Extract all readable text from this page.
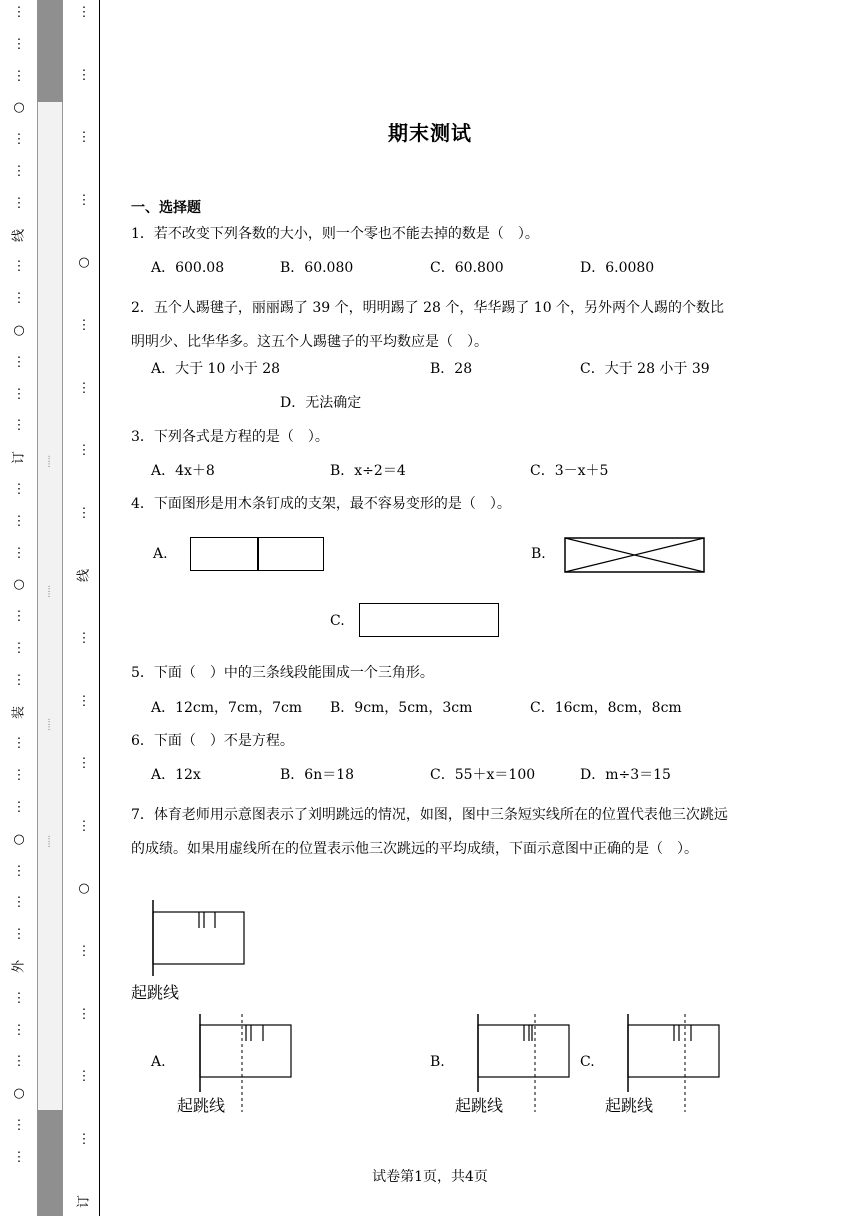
·····
·····
·····
·····
⋮
⋮
⋮
○
⋮
⋮
⋮
线
⋮
⋮
○
⋮
⋮
⋮
订
⋮
⋮
⋮
○
⋮
⋮
⋮
装
⋮
⋮
⋮
○
⋮
⋮
⋮
外
⋮
⋮
⋮
○
⋮
⋮
⋮
⋮
⋮
⋮
○
⋮
⋮
⋮
⋮
线
⋮
⋮
⋮
⋮
○
⋮
⋮
⋮
⋮
订
期末测试
一、选择题
1．若不改变下列各数的大小，则一个零也不能去掉的数是（　）。
A．600.08	B．60.080	C．60.800	D．6.0080
2．五个人踢毽子，丽丽踢了 39 个，明明踢了 28 个，华华踢了 10 个，另外两个人踢的个数比明明少、比华华多。这五个人踢毽子的平均数应是（　）。
A．大于 10 小于 28	B．28	C．大于 28 小于 39
D．无法确定
3．下列各式是方程的是（　）。
A．4x＋8	B．x÷2＝4	C．3－x＋5
4．下面图形是用木条钉成的支架，最不容易变形的是（　）。
A.	B.
C.
5．下面（　）中的三条线段能围成一个三角形。
A．12cm，7cm，7cm B．9cm，5cm，3cm	C．16cm，8cm，8cm
6．下面（　）不是方程。
A．12x	B．6n＝18	C．55＋x＝100	D．m÷3＝15
7．体育老师用示意图表示了刘明跳远的情况，如图，图中三条短实线所在的位置代表他三次跳远的成绩。如果用虚线所在的位置表示他三次跳远的平均成绩，下面示意图中正确的是（　）。
起跳线
A.
起跳线
B.
起跳线
C.
起跳线
试卷第1页，共4页
